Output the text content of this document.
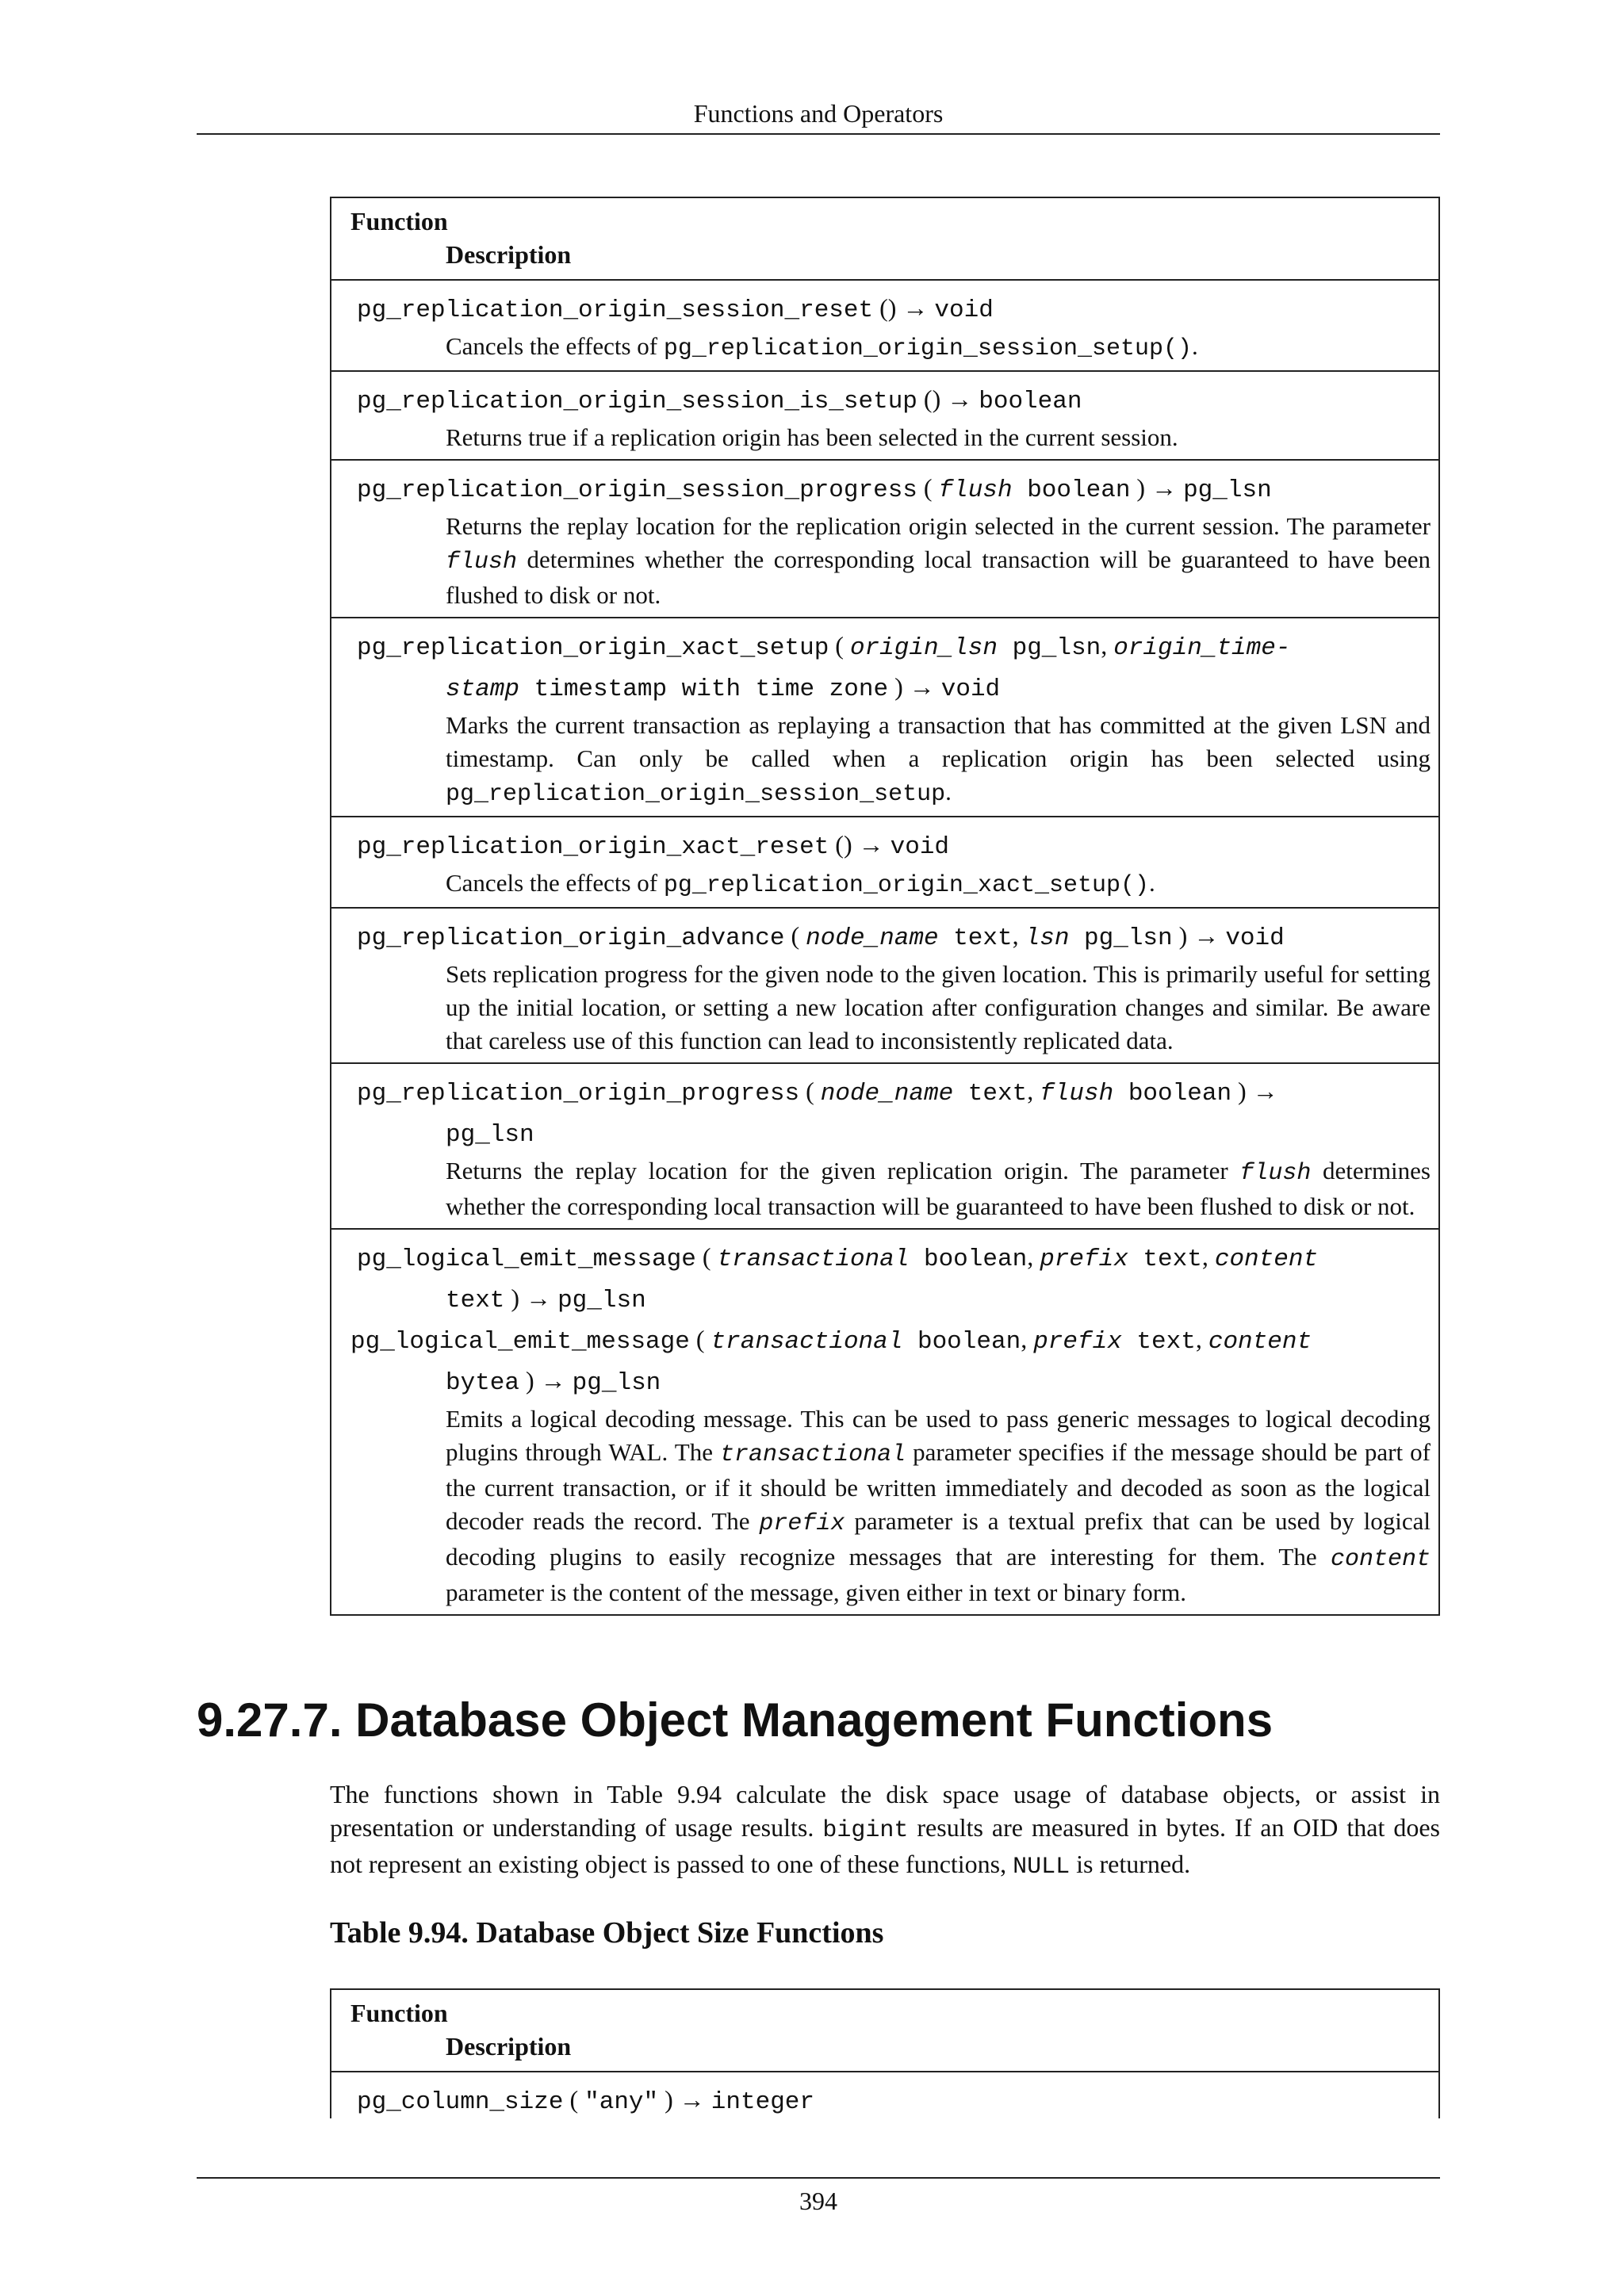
Functions and Operators
Function
Description
pg_replication_origin_session_reset () → void
Cancels the effects of pg_replication_origin_session_setup().
pg_replication_origin_session_is_setup () → boolean
Returns true if a replication origin has been selected in the current session.
pg_replication_origin_session_progress ( flush boolean ) → pg_lsn
Returns the replay location for the replication origin selected in the current session. The parameter flush determines whether the corresponding local transaction will be guaranteed to have been flushed to disk or not.
pg_replication_origin_xact_setup ( origin_lsn pg_lsn, origin_time-
stamp timestamp with time zone ) → void
Marks the current transaction as replaying a transaction that has committed at the given LSN and timestamp. Can only be called when a replication origin has been selected using pg_replication_origin_session_setup.
pg_replication_origin_xact_reset () → void
Cancels the effects of pg_replication_origin_xact_setup().
pg_replication_origin_advance ( node_name text, lsn pg_lsn ) → void
Sets replication progress for the given node to the given location. This is primarily useful for setting up the initial location, or setting a new location after configuration changes and similar. Be aware that careless use of this function can lead to inconsistently replicated data.
pg_replication_origin_progress ( node_name text, flush boolean ) →
pg_lsn
Returns the replay location for the given replication origin. The parameter flush determines whether the corresponding local transaction will be guaranteed to have been flushed to disk or not.
pg_logical_emit_message ( transactional boolean, prefix text, content
text ) → pg_lsn
pg_logical_emit_message ( transactional boolean, prefix text, content
bytea ) → pg_lsn
Emits a logical decoding message. This can be used to pass generic messages to logical decoding plugins through WAL. The transactional parameter specifies if the message should be part of the current transaction, or if it should be written immediately and decoded as soon as the logical decoder reads the record. The prefix parameter is a textual prefix that can be used by logical decoding plugins to easily recognize messages that are interesting for them. The content parameter is the content of the message, given either in text or binary form.
9.27.7. Database Object Management Functions

The functions shown in Table 9.94 calculate the disk space usage of database objects, or assist in presentation or understanding of usage results. bigint results are measured in bytes. If an OID that does not represent an existing object is passed to one of these functions, NULL is returned.

Table 9.94. Database Object Size Functions
Function
Description
pg_column_size ( "any" ) → integer
394
